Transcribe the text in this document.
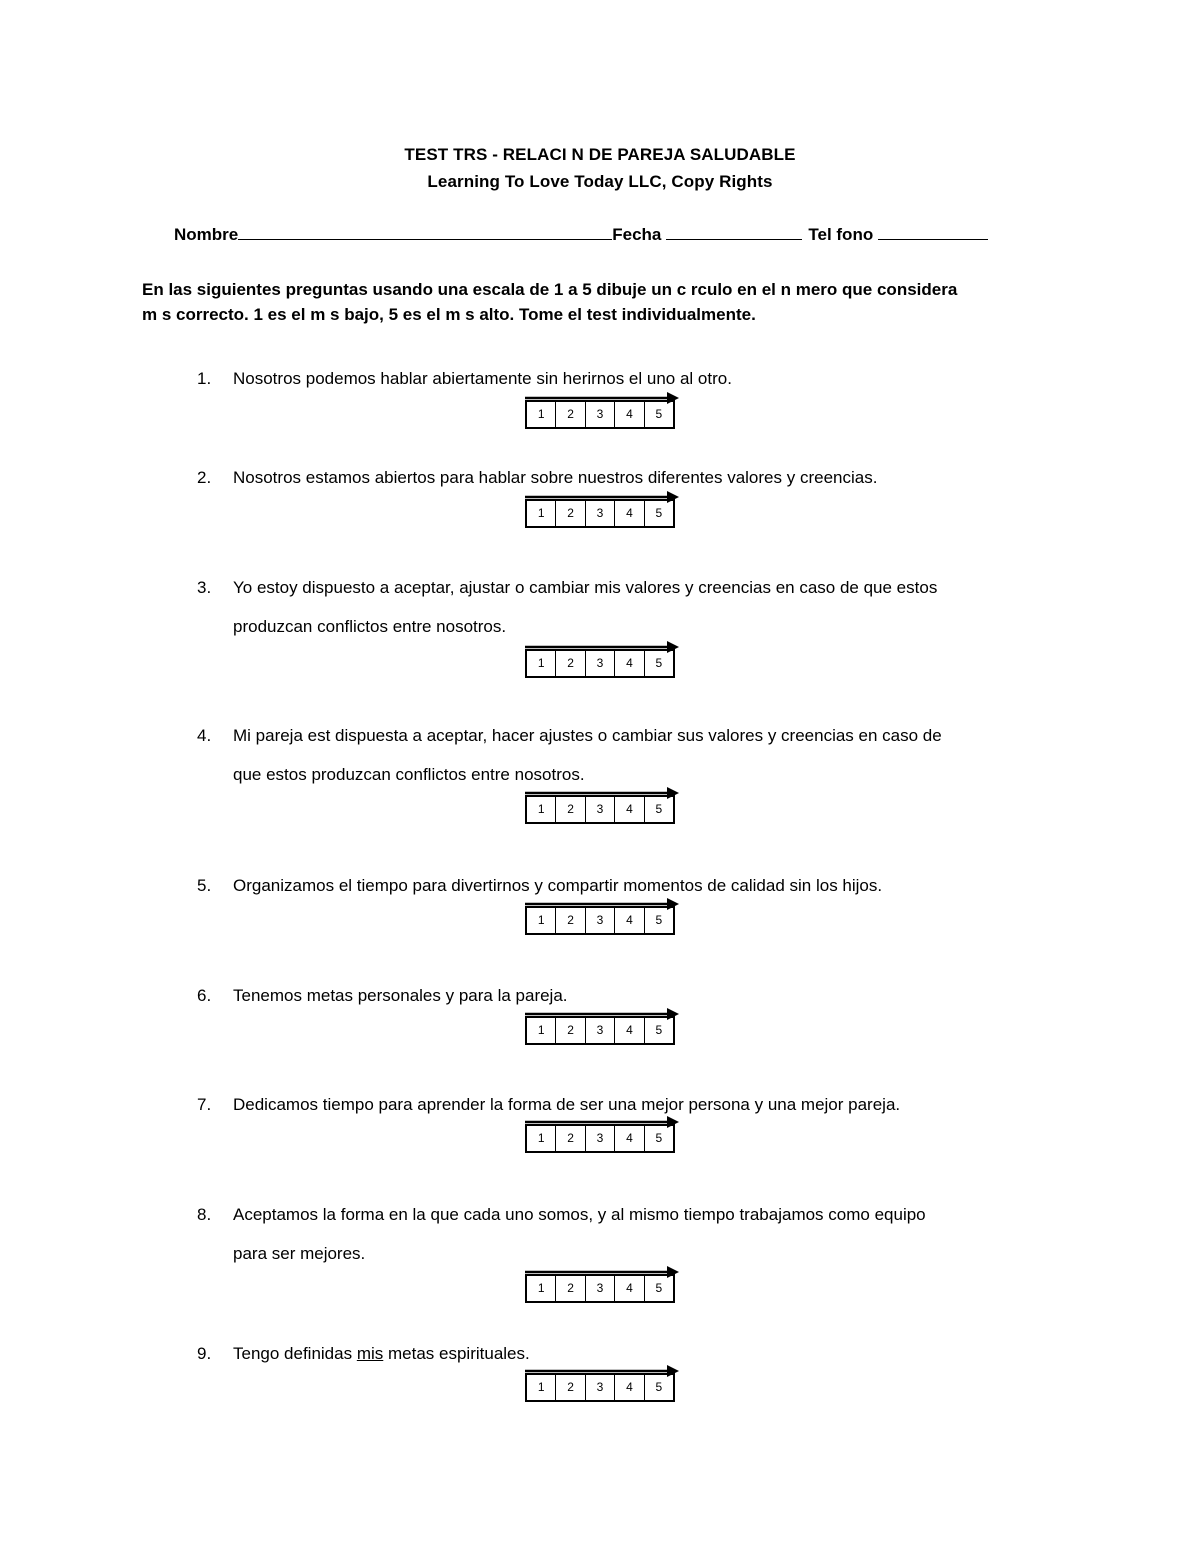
TEST TRS - RELACI N DE PAREJA SALUDABLE
Learning To Love Today LLC, Copy Rights
Nombre	Fecha	Tel fono
En las siguientes preguntas usando una escala de 1 a 5 dibuje un c rculo en el n mero que considera
m s correcto. 1 es el m s bajo, 5 es el m s alto. Tome el test individualmente.
1. Nosotros podemos hablar abiertamente sin herirnos el uno al otro.
1	2	3	4	5
2. Nosotros estamos abiertos para hablar sobre nuestros diferentes valores y creencias.
1	2	3	4	5
3. Yo estoy dispuesto a aceptar, ajustar o cambiar mis valores y creencias en caso de que estos
produzcan conflictos entre nosotros.
1	2	3	4	5
4. Mi pareja est dispuesta a aceptar, hacer ajustes o cambiar sus valores y creencias en caso de
que estos produzcan conflictos entre nosotros.
1	2	3	4	5
5. Organizamos el tiempo para divertirnos y compartir momentos de calidad sin los hijos.
1	2	3	4	5
6. Tenemos metas personales y para la pareja.
1	2	3	4	5
7. Dedicamos tiempo para aprender la forma de ser una mejor persona y una mejor pareja.
1	2	3	4	5
8. Aceptamos la forma en la que cada uno somos, y al mismo tiempo trabajamos como equipo
para ser mejores.
1	2	3	4	5
9. Tengo definidas mis metas espirituales.
1	2	3	4	5
